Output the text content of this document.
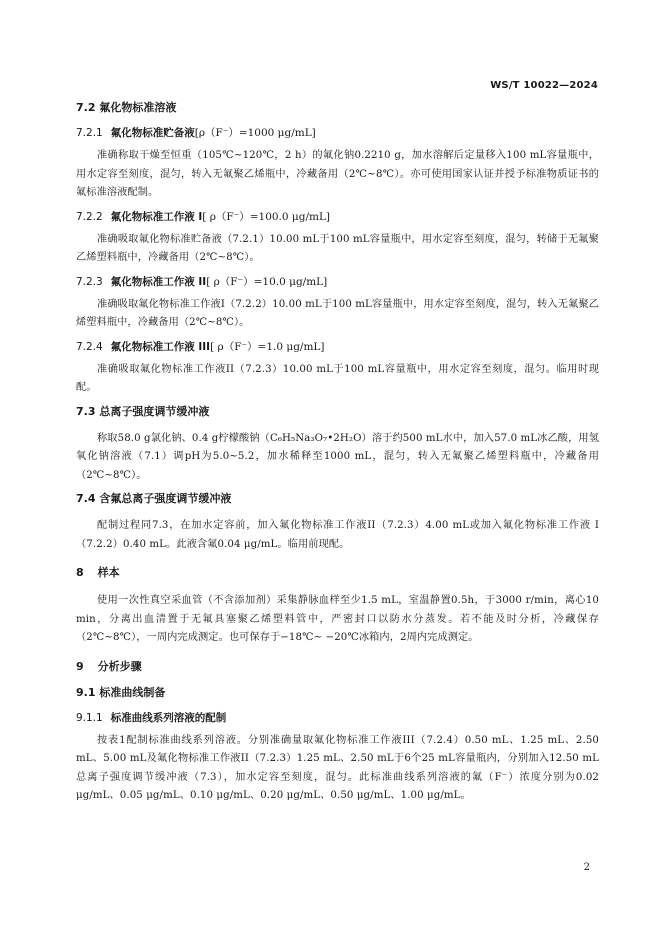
WS/T 10022—2024
7.2 氟化物标准溶液
7.2.1 氟化物标准贮备液[ρ（F⁻）=1000 μg/mL]

准确称取干燥至恒重（105℃~120℃，2 h）的氟化钠0.2210 g，加水溶解后定量移入100 mL容量瓶中，用水定容至刻度，混匀，转入无氟聚乙烯瓶中，冷藏备用（2℃~8℃）。亦可使用国家认证并授予标准物质证书的氟标准溶液配制。

7.2.2 氟化物标准工作液 I[ ρ（F⁻）=100.0 μg/mL]

准确吸取氟化物标准贮备液（7.2.1）10.00 mL于100 mL容量瓶中，用水定容至刻度，混匀，转储于无氟聚乙烯塑料瓶中，冷藏备用（2℃~8℃）。

7.2.3 氟化物标准工作液 II[ ρ（F⁻）=10.0 μg/mL]

准确吸取氟化物标准工作液I（7.2.2）10.00 mL于100 mL容量瓶中，用水定容至刻度，混匀，转入无氟聚乙烯塑料瓶中，冷藏备用（2℃~8℃）。

7.2.4 氟化物标准工作液 III[ ρ（F⁻）=1.0 μg/mL]

准确吸取氟化物标准工作液II（7.2.3）10.00 mL于100 mL容量瓶中，用水定容至刻度，混匀。临用时现配。

7.3 总离子强度调节缓冲液

称取58.0 g氯化钠、0.4 g柠檬酸钠（C₆H₅Na₃O₇•2H₂O）溶于约500 mL水中，加入57.0 mL冰乙酸，用氢氧化钠溶液（7.1）调pH为5.0~5.2，加水稀释至1000 mL，混匀，转入无氟聚乙烯塑料瓶中，冷藏备用（2℃~8℃）。

7.4 含氟总离子强度调节缓冲液

配制过程同7.3，在加水定容前，加入氟化物标准工作液II（7.2.3）4.00 mL或加入氟化物标准工作液 I（7.2.2）0.40 mL。此液含氟0.04 μg/mL。临用前现配。

8 样本

使用一次性真空采血管（不含添加剂）采集静脉血样至少1.5 mL，室温静置0.5h，于3000 r/min，离心10 min，分离出血清置于无氟具塞聚乙烯塑料管中，严密封口以防水分蒸发。若不能及时分析，冷藏保存（2℃~8℃），一周内完成测定。也可保存于−18℃~ −20℃冰箱内，2周内完成测定。

9 分析步骤
9.1 标准曲线制备
9.1.1 标准曲线系列溶液的配制

按表1配制标准曲线系列溶液。分别准确量取氟化物标准工作液III（7.2.4）0.50 mL、1.25 mL、2.50 mL、5.00 mL及氟化物标准工作液II（7.2.3）1.25 mL、2.50 mL于6个25 mL容量瓶内，分别加入12.50 mL总离子强度调节缓冲液（7.3），加水定容至刻度，混匀。此标准曲线系列溶液的氟（F⁻）浓度分别为0.02 μg/mL、0.05 μg/mL、0.10 μg/mL、0.20 μg/mL、0.50 μg/mL、1.00 μg/mL。

2
